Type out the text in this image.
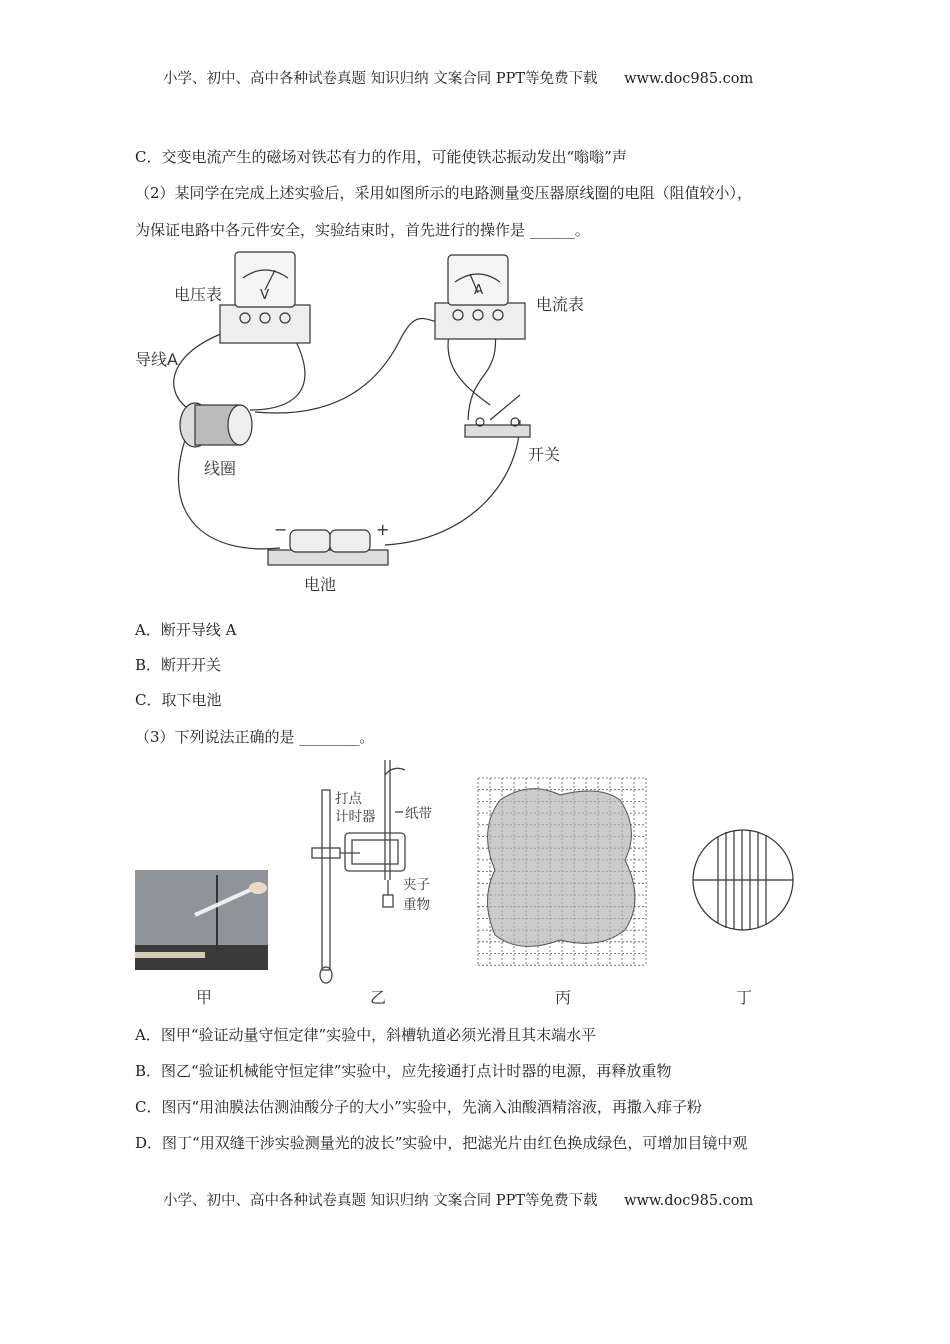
小学、初中、高中各种试卷真题 知识归纳 文案合同 PPT等免费下载 www.doc985.com
C．交变电流产生的磁场对铁芯有力的作用，可能使铁芯振动发出“嗡嗡”声
（2）某同学在完成上述实验后，采用如图所示的电路测量变压器原线圈的电阻（阻值较小），
为保证电路中各元件安全，实验结束时，首先进行的操作是 ______。
V	A
电压表
电流表
导线A
线圈
开关
电池
+
−
A．断开导线 A
B．断开开关
C．取下电池
（3）下列说法正确的是 ________。
打点
计时器 纸带
夹子
重物
甲	乙	丙	丁
A．图甲“验证动量守恒定律”实验中，斜槽轨道必须光滑且其末端水平
B．图乙“验证机械能守恒定律”实验中，应先接通打点计时器的电源，再释放重物
C．图丙“用油膜法估测油酸分子的大小”实验中，先滴入油酸酒精溶液，再撒入痱子粉
D．图丁“用双缝干涉实验测量光的波长”实验中，把滤光片由红色换成绿色，可增加目镜中观
小学、初中、高中各种试卷真题 知识归纳 文案合同 PPT等免费下载 www.doc985.com
